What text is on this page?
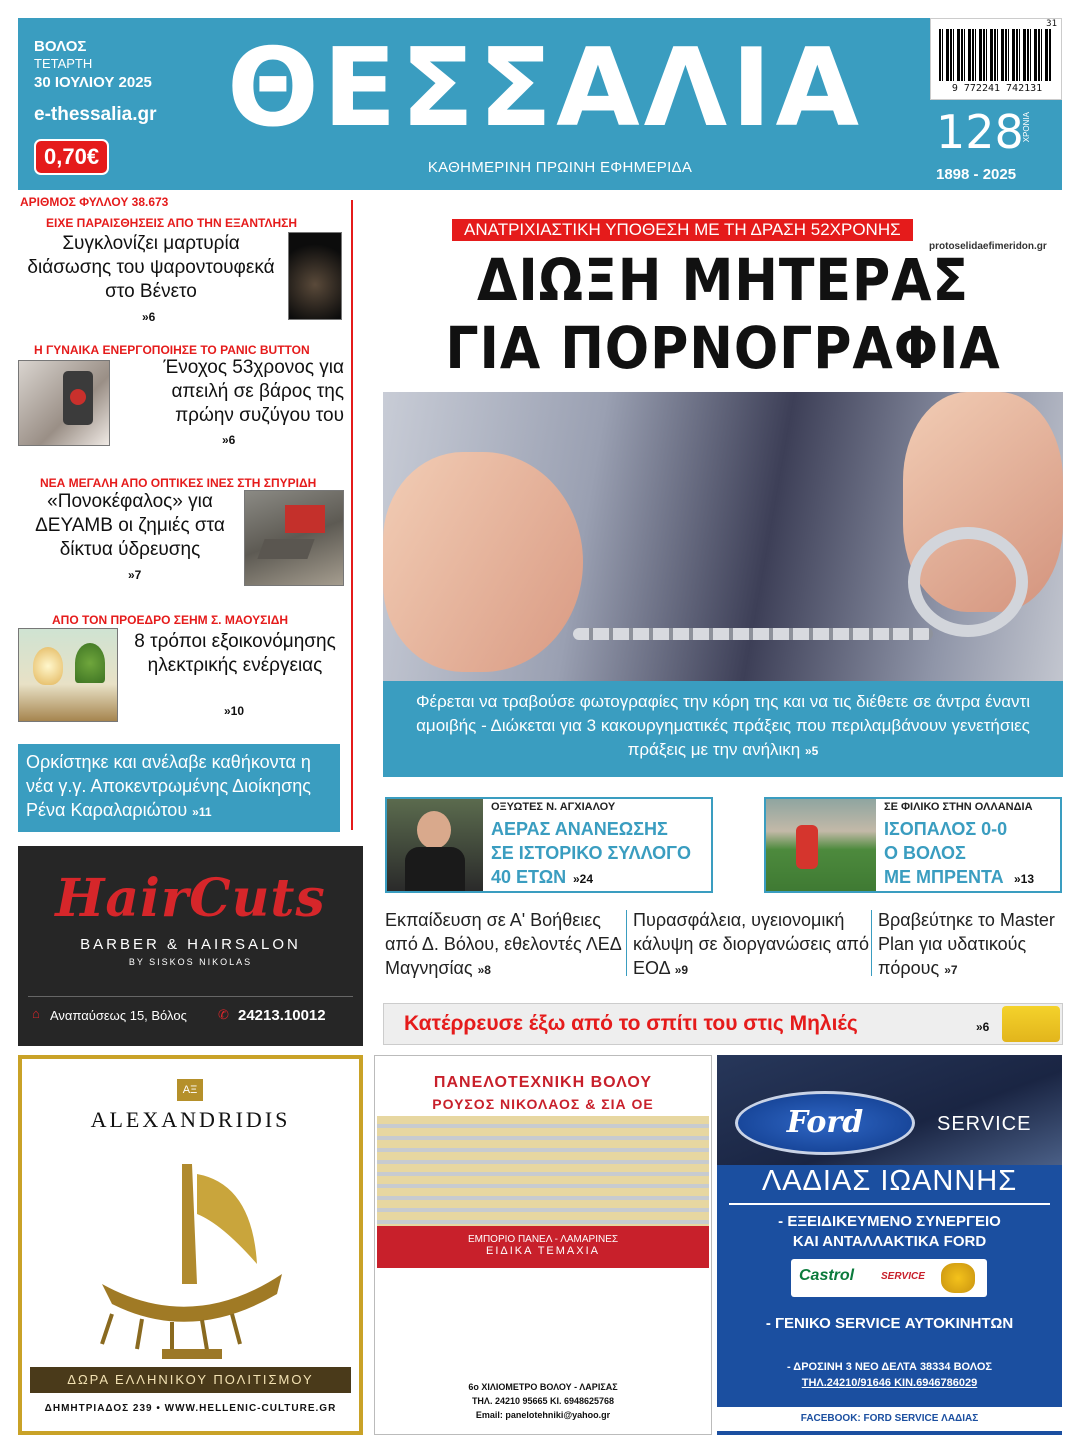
ΒΟΛΟΣ
ΤΕΤΑΡΤΗ
30 ΙΟΥΛΙΟΥ 2025
e-thessalia.gr
0,70€
ΘΕΣΣΑΛΙΑ
ΚΑΘΗΜΕΡΙΝΗ ΠΡΩΙΝΗ ΕΦΗΜΕΡΙΔΑ
31
9 772241 742131
128
ΧΡΟΝΙΑ
1898 - 2025
ΑΡΙΘΜΟΣ ΦΥΛΛΟΥ 38.673
ΕΙΧΕ ΠΑΡΑΙΣΘΗΣΕΙΣ ΑΠΟ ΤΗΝ ΕΞΑΝΤΛΗΣΗ
Συγκλονίζει μαρτυρία διάσωσης του ψαροντουφεκά στο Βένετο
»6
Η ΓΥΝΑΙΚΑ ΕΝΕΡΓΟΠΟΙΗΣΕ ΤΟ PANIC BUTTON
Ένοχος 53χρονος για απειλή σε βάρος της πρώην συζύγου του
»6
ΝΕΑ ΜΕΓΑΛΗ ΑΠΟ ΟΠΤΙΚΕΣ ΙΝΕΣ ΣΤΗ ΣΠΥΡΙΔΗ
«Πονοκέφαλος» για ΔΕΥΑΜΒ οι ζημιές στα δίκτυα ύδρευσης
»7
ΑΠΟ ΤΟΝ ΠΡΟΕΔΡΟ ΣΕΗΜ Σ. ΜΑΟΥΣΙΔΗ
8 τρόποι εξοικονόμησης ηλεκτρικής ενέργειας
»10
Ορκίστηκε και ανέλαβε καθήκοντα η νέα γ.γ. Αποκεντρωμένης Διοίκησης Ρένα Καραλαριώτου »11
ΑΝΑΤΡΙΧΙΑΣΤΙΚΗ ΥΠΟΘΕΣΗ ΜΕ ΤΗ ΔΡΑΣΗ 52ΧΡΟΝΗΣ
protoselidaefimeridon.gr
ΔΙΩΞΗ ΜΗΤΕΡΑΣ
ΓΙΑ ΠΟΡΝΟΓΡΑΦΙΑ
Φέρεται να τραβούσε φωτογραφίες την κόρη της και να τις διέθετε σε άντρα έναντι αμοιβής - Διώκεται για 3 κακουργηματικές πράξεις που περιλαμβάνουν γενετήσιες πράξεις με την ανήλικη »5
ΟΞΥΩΤΕΣ Ν. ΑΓΧΙΑΛΟΥ
ΑΕΡΑΣ ΑΝΑΝΕΩΣΗΣ
ΣΕ ΙΣΤΟΡΙΚΟ ΣΥΛΛΟΓΟ
40 ΕΤΩΝ »24
ΣΕ ΦΙΛΙΚΟ ΣΤΗΝ ΟΛΛΑΝΔΙΑ
ΙΣΟΠΑΛΟΣ 0-0
Ο ΒΟΛΟΣ
ΜΕ ΜΠΡΕΝΤΑ »13
Εκπαίδευση σε Α' Βοήθειες από Δ. Βόλου, εθελοντές ΛΕΔ Μαγνησίας »8
Πυρασφάλεια, υγειονομική κάλυψη σε διοργανώσεις από ΕΟΔ »9
Βραβεύτηκε το Master Plan για υδατικούς πόρους »7
Κατέρρευσε έξω από το σπίτι του στις Μηλιές	»6
HairCuts
BARBER & HAIRSALON
BY SISKOS NIKOLAS
⌂ Αναπαύσεως 15, Βόλος ✆ 24213.10012
ΑΞ
ALEXANDRIDIS
ΔΩΡΑ ΕΛΛΗΝΙΚΟΥ ΠΟΛΙΤΙΣΜΟΥ
ΔΗΜΗΤΡΙΑΔΟΣ 239 • WWW.HELLENIC-CULTURE.GR
ΠΑΝΕΛΟΤΕΧΝΙΚΗ ΒΟΛΟΥ
ΡΟΥΣΟΣ ΝΙΚΟΛΑΟΣ & ΣΙΑ ΟΕ
ΕΜΠΟΡΙΟ ΠΑΝΕΛ - ΛΑΜΑΡΙΝΕΣ
ΕΙΔΙΚΑ ΤΕΜΑΧΙΑ
6ο ΧΙΛΙΟΜΕΤΡΟ ΒΟΛΟΥ - ΛΑΡΙΣΑΣ
ΤΗΛ. 24210 95665 ΚΙ. 6948625768
Email: panelotehniki@yahoo.gr
Ford	SERVICE
ΛΑΔΙΑΣ ΙΩΑΝΝΗΣ
- ΕΞΕΙΔΙΚΕΥΜΕΝΟ ΣΥΝΕΡΓΕΙΟ
ΚΑΙ ΑΝΤΑΛΛΑΚΤΙΚΑ FORD
Castrol	SERVICE
- ΓΕΝΙΚΟ SERVICE ΑΥΤΟΚΙΝΗΤΩΝ
- ΔΡΟΣΙΝΗ 3 ΝΕΟ ΔΕΛΤΑ 38334 ΒΟΛΟΣ
ΤΗΛ.24210/91646 ΚΙΝ.6946786029
FACEBOOK: FORD SERVICE ΛΑΔΙΑΣ
